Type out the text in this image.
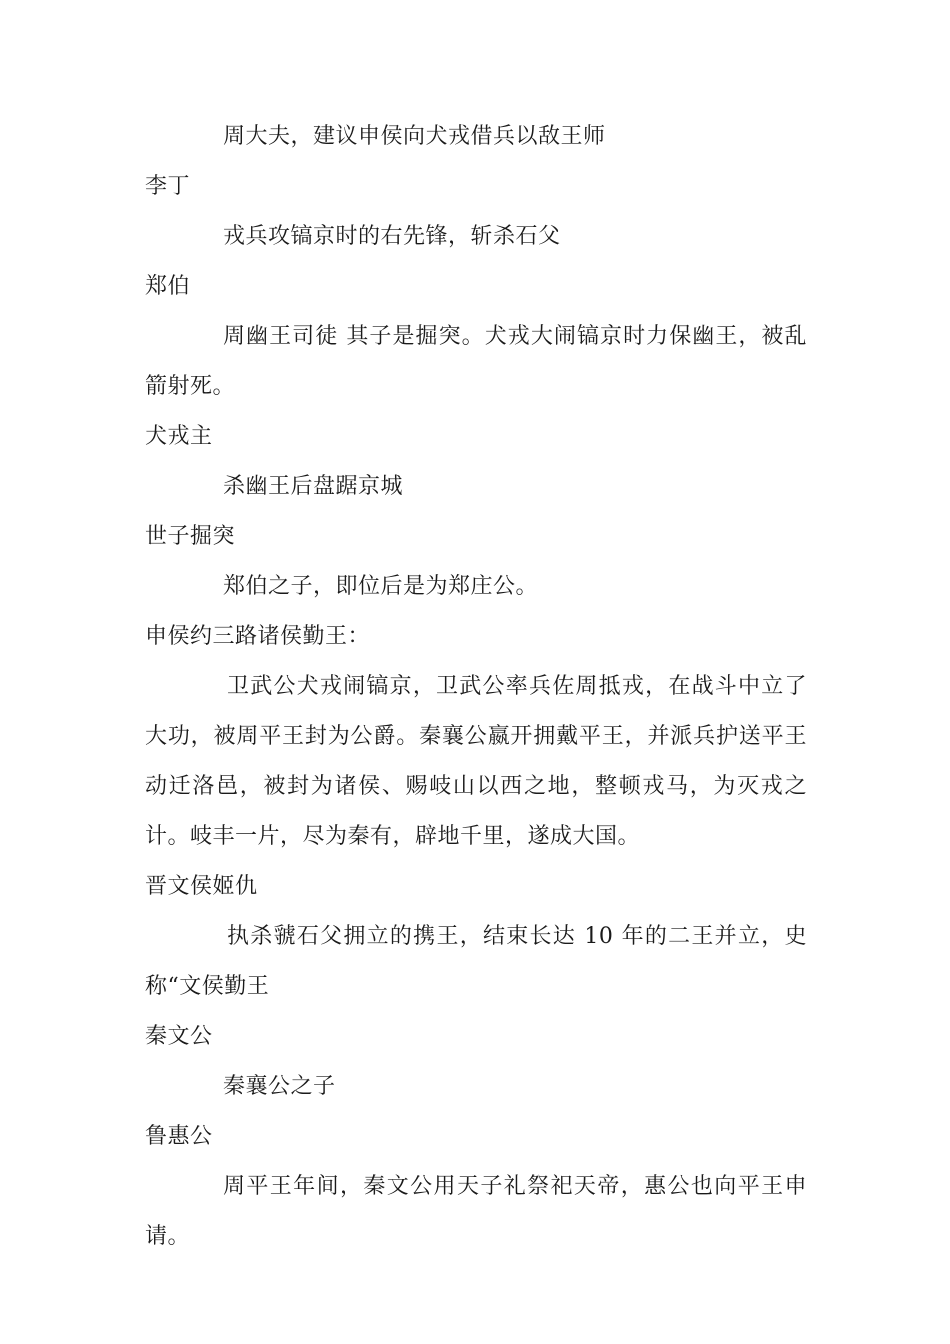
周大夫，建议申侯向犬戎借兵以敌王师

李丁

戎兵攻镐京时的右先锋，斩杀石父

郑伯

周幽王司徒 其子是掘突。犬戎大闹镐京时力保幽王，被乱箭射死。

犬戎主

杀幽王后盘踞京城

世子掘突

郑伯之子，即位后是为郑庄公。

申侯约三路诸侯勤王：

卫武公犬戎闹镐京，卫武公率兵佐周抵戎，在战斗中立了大功，被周平王封为公爵。秦襄公嬴开拥戴平王，并派兵护送平王动迁洛邑，被封为诸侯、赐岐山以西之地，整顿戎马，为灭戎之计。岐丰一片，尽为秦有，辟地千里，遂成大国。

晋文侯姬仇

执杀虢石父拥立的携王，结束长达 10 年的二王并立，史称“文侯勤王

秦文公

秦襄公之子

鲁惠公

周平王年间，秦文公用天子礼祭祀天帝，惠公也向平王申请。
